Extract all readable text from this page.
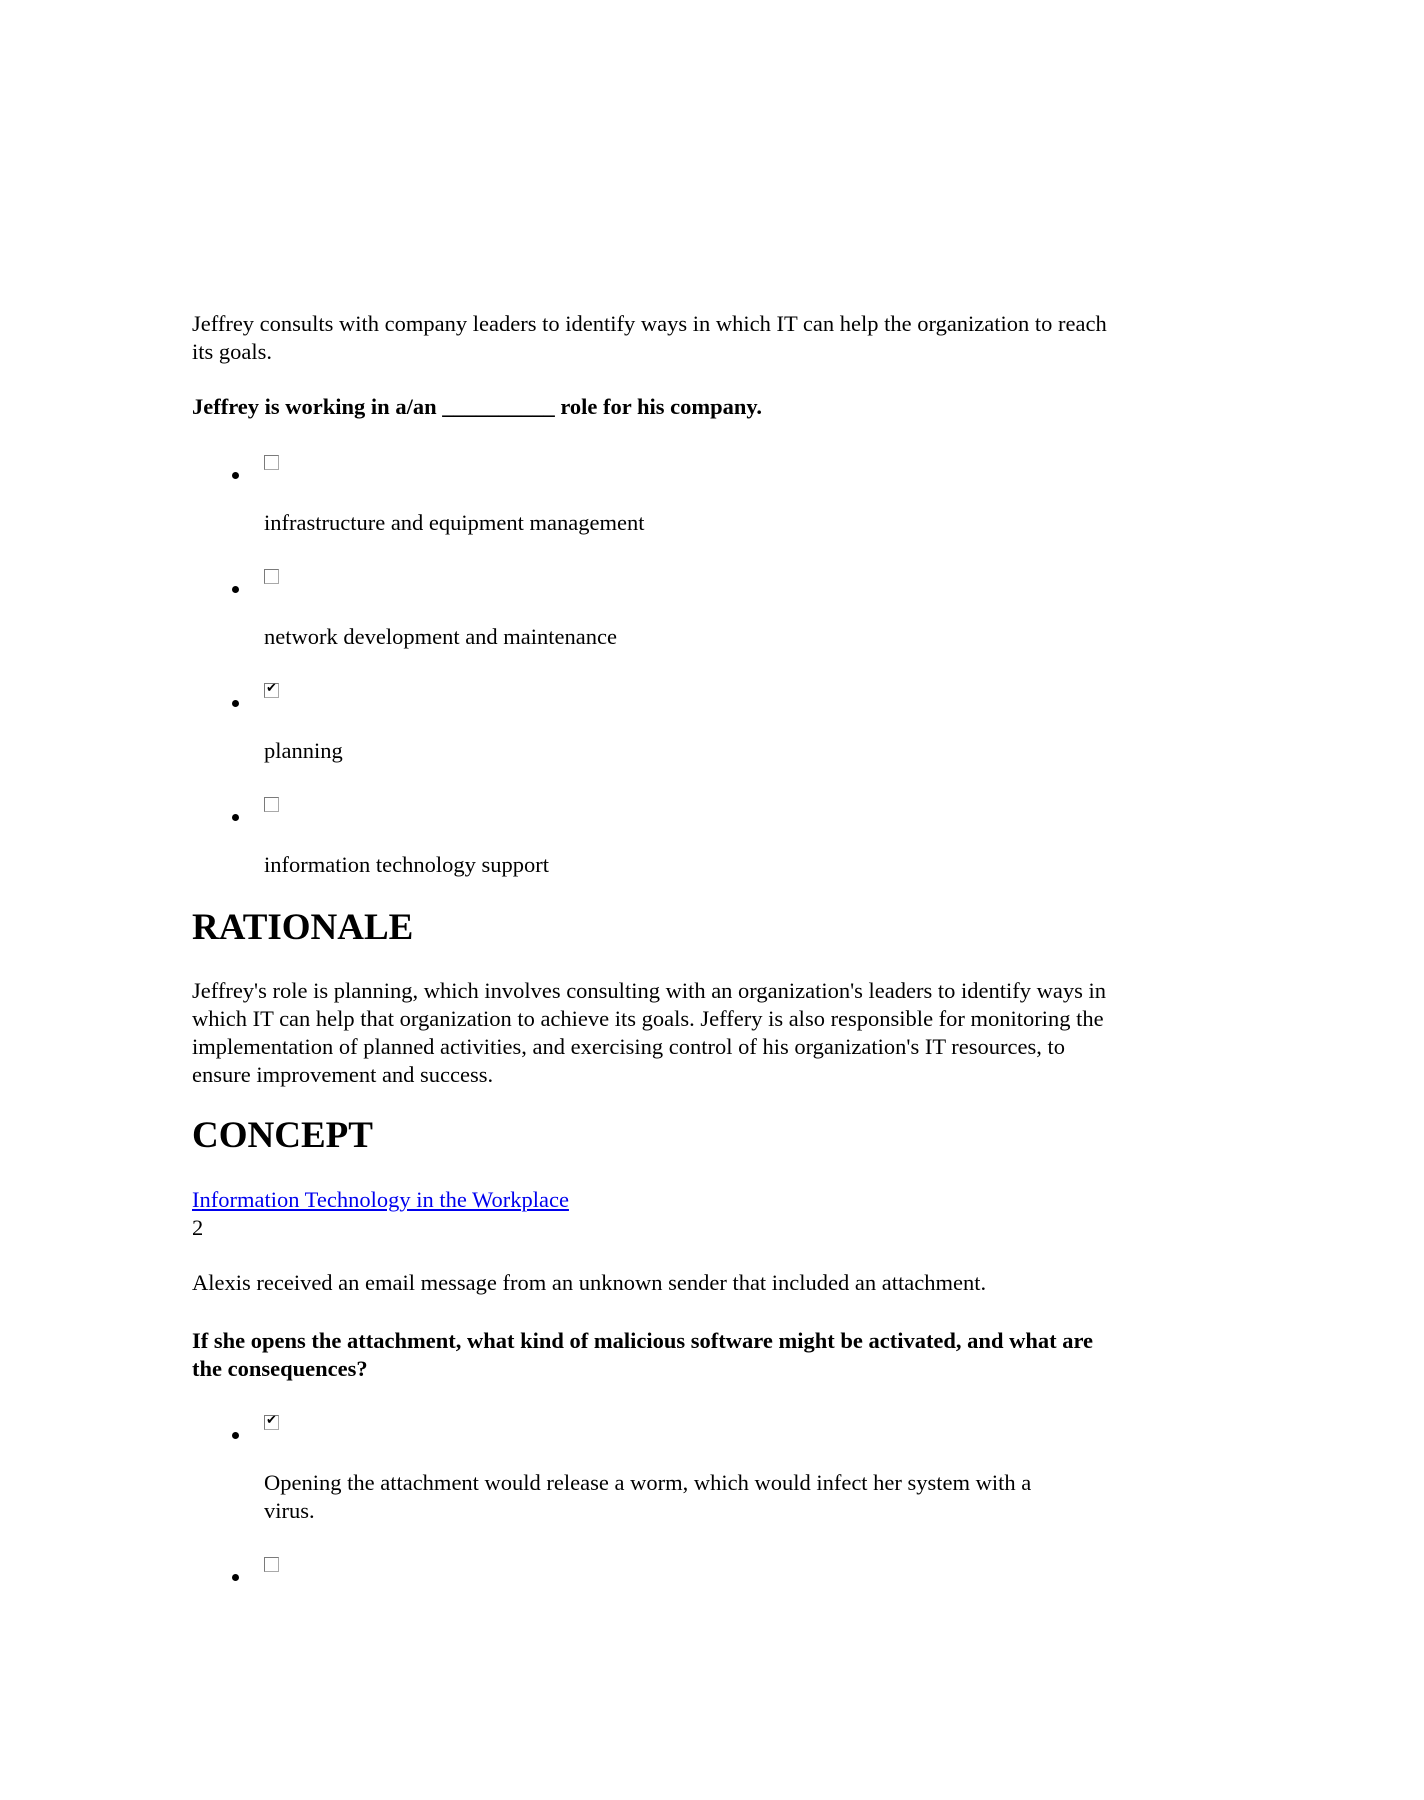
Jeffrey consults with company leaders to identify ways in which IT can help the organization to reach its goals.

Jeffrey is working in a/an __________ role for his company.

infrastructure and equipment management
network development and maintenance
✔
planning
information technology support
RATIONALE

Jeffrey's role is planning, which involves consulting with an organization's leaders to identify ways in which IT can help that organization to achieve its goals. Jeffery is also responsible for monitoring the implementation of planned activities, and exercising control of his organization's IT resources, to ensure improvement and success.

CONCEPT
Information Technology in the Workplace
2

Alexis received an email message from an unknown sender that included an attachment.

If she opens the attachment, what kind of malicious software might be activated, and what are the consequences?

✔
Opening the attachment would release a worm, which would infect her system with a virus.
